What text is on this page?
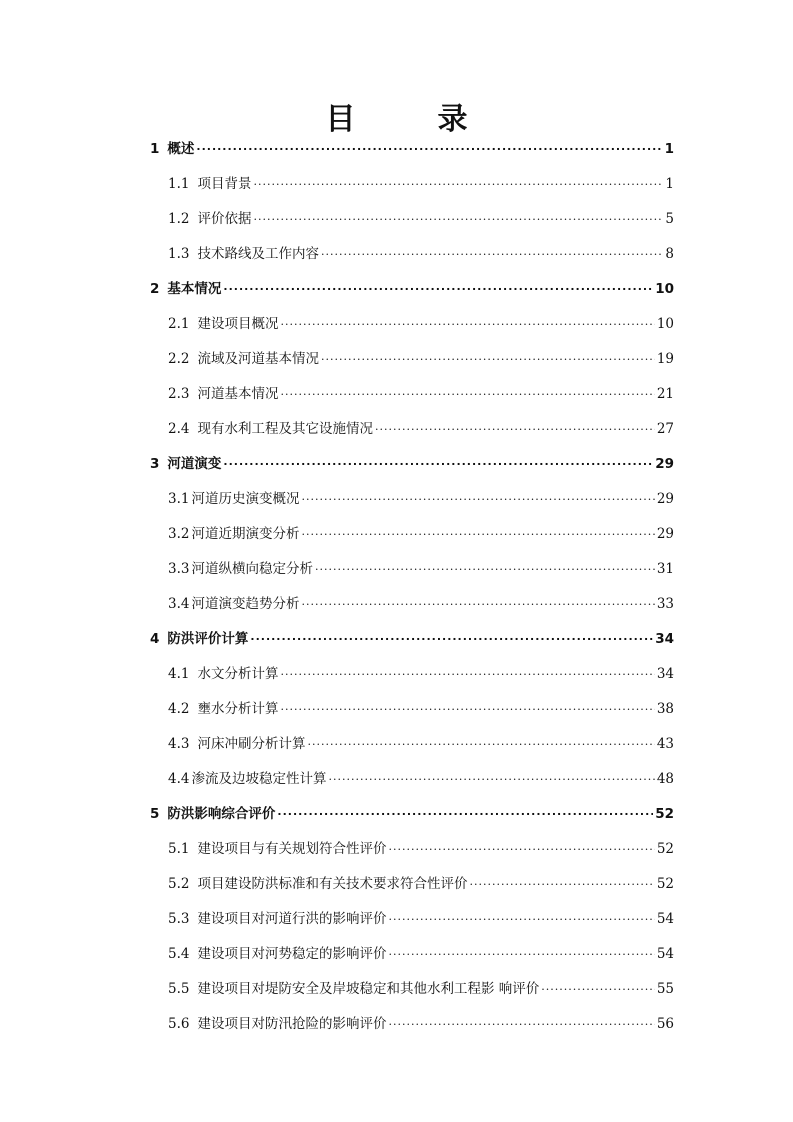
目　录
1 概述 .....	1
1.1 项目背景 .....	1
1.2 评价依据 .....	5
1.3 技术路线及工作内容 .....	8
2 基本情况 .....	10
2.1 建设项目概况 .....	10
2.2 流域及河道基本情况 .....	19
2.3 河道基本情况 .....	21
2.4 现有水利工程及其它设施情况 .....	27
3 河道演变 .....	29
3.1 河道历史演变概况 .....	29
3.2 河道近期演变分析 .....	29
3.3 河道纵横向稳定分析 .....	31
3.4 河道演变趋势分析 .....	33
4 防洪评价计算 .....	34
4.1 水文分析计算 .....	34
4.2 壅水分析计算 .....	38
4.3 河床冲刷分析计算 .....	43
4.4 渗流及边坡稳定性计算 .....	48
5 防洪影响综合评价 .....	52
5.1 建设项目与有关规划符合性评价 .....	52
5.2 项目建设防洪标准和有关技术要求符合性评价 .....	52
5.3 建设项目对河道行洪的影响评价 .....	54
5.4 建设项目对河势稳定的影响评价 .....	54
5.5 建设项目对堤防安全及岸坡稳定和其他水利工程影 响评价 .....	55
5.6 建设项目对防汛抢险的影响评价 .....	56
